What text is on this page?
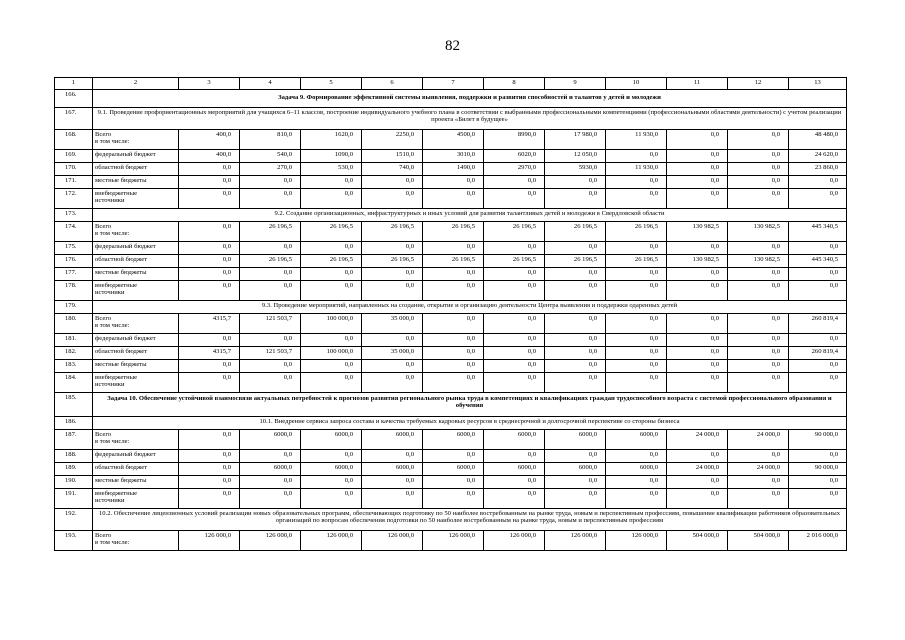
82
1	2	3	4	5	6	7	8	9	10	11	12	13
166.	Задача 9. Формирование эффективной системы выявления, поддержки и развития способностей и талантов у детей и молодежи											
167.	9.1. Проведение профориентационных мероприятий для учащихся 6–11 классов, построение индивидуального учебного плана в соответствии с выбранными профессиональными компетенциями (профессиональными областями деятельности) с учетом реализации проекта «Билет в будущее»											
168.	Всего
в том числе:	400,0	810,0	1620,0	2250,0	4500,0	8990,0	17 980,0	11 930,0	0,0	0,0	48 480,0
169.	федеральный бюджет	400,0	540,0	1090,0	1510,0	3010,0	6020,0	12 050,0	0,0	0,0	0,0	24 620,0
170.	областной бюджет	0,0	270,0	530,0	740,0	1490,0	2970,0	5930,0	11 930,0	0,0	0,0	23 860,0
171.	местные бюджеты	0,0	0,0	0,0	0,0	0,0	0,0	0,0	0,0	0,0	0,0	0,0
172.	внебюджетные
источники	0,0	0,0	0,0	0,0	0,0	0,0	0,0	0,0	0,0	0,0	0,0
173.	9.2. Создание организационных, инфраструктурных и иных условий для развития талантливых детей и молодежи в Свердловской области											
174.	Всего
в том числе:	0,0	26 196,5	26 196,5	26 196,5	26 196,5	26 196,5	26 196,5	26 196,5	130 982,5	130 982,5	445 340,5
175.	федеральный бюджет	0,0	0,0	0,0	0,0	0,0	0,0	0,0	0,0	0,0	0,0	0,0
176.	областной бюджет	0,0	26 196,5	26 196,5	26 196,5	26 196,5	26 196,5	26 196,5	26 196,5	130 982,5	130 982,5	445 340,5
177.	местные бюджеты	0,0	0,0	0,0	0,0	0,0	0,0	0,0	0,0	0,0	0,0	0,0
178.	внебюджетные
источники	0,0	0,0	0,0	0,0	0,0	0,0	0,0	0,0	0,0	0,0	0,0
179.	9.3. Проведение мероприятий, направленных на создание, открытие и организацию деятельности Центра выявления и поддержки одаренных детей											
180.	Всего
в том числе:	4315,7	121 503,7	100 000,0	35 000,0	0,0	0,0	0,0	0,0	0,0	0,0	260 819,4
181.	федеральный бюджет	0,0	0,0	0,0	0,0	0,0	0,0	0,0	0,0	0,0	0,0	0,0
182.	областной бюджет	4315,7	121 503,7	100 000,0	35 000,0	0,0	0,0	0,0	0,0	0,0	0,0	260 819,4
183.	местные бюджеты	0,0	0,0	0,0	0,0	0,0	0,0	0,0	0,0	0,0	0,0	0,0
184.	внебюджетные
источники	0,0	0,0	0,0	0,0	0,0	0,0	0,0	0,0	0,0	0,0	0,0
185.	Задача 10. Обеспечение устойчивой взаимосвязи актуальных потребностей к прогнозов развития регионального рынка труда в компетенциях и квалификациях граждан трудоспособного возраста с системой профессионального образования и обучения											
186.	10.1. Внедрение сервиса запроса состава и качества требуемых кадровых ресурсов в среднесрочной и долгосрочной перспективе со стороны бизнеса											
187.	Всего
в том числе:	0,0	6000,0	6000,0	6000,0	6000,0	6000,0	6000,0	6000,0	24 000,0	24 000,0	90 000,0
188.	федеральный бюджет	0,0	0,0	0,0	0,0	0,0	0,0	0,0	0,0	0,0	0,0	0,0
189.	областной бюджет	0,0	6000,0	6000,0	6000,0	6000,0	6000,0	6000,0	6000,0	24 000,0	24 000,0	90 000,0
190.	местные бюджеты	0,0	0,0	0,0	0,0	0,0	0,0	0,0	0,0	0,0	0,0	0,0
191.	внебюджетные
источники	0,0	0,0	0,0	0,0	0,0	0,0	0,0	0,0	0,0	0,0	0,0
192.	10.2. Обеспечение лицензионных условий реализации новых образовательных программ, обеспечивающих подготовку по 50 наиболее востребованным на рынке труда, новым и перспективным профессиям, повышение квалификации работников образовательных организаций по вопросам обеспечения подготовки по 50 наиболее востребованным на рынке труда, новым и перспективным профессиям											
193.	Всего
в том числе:	126 000,0	126 000,0	126 000,0	126 000,0	126 000,0	126 000,0	126 000,0	126 000,0	504 000,0	504 000,0	2 016 000,0
